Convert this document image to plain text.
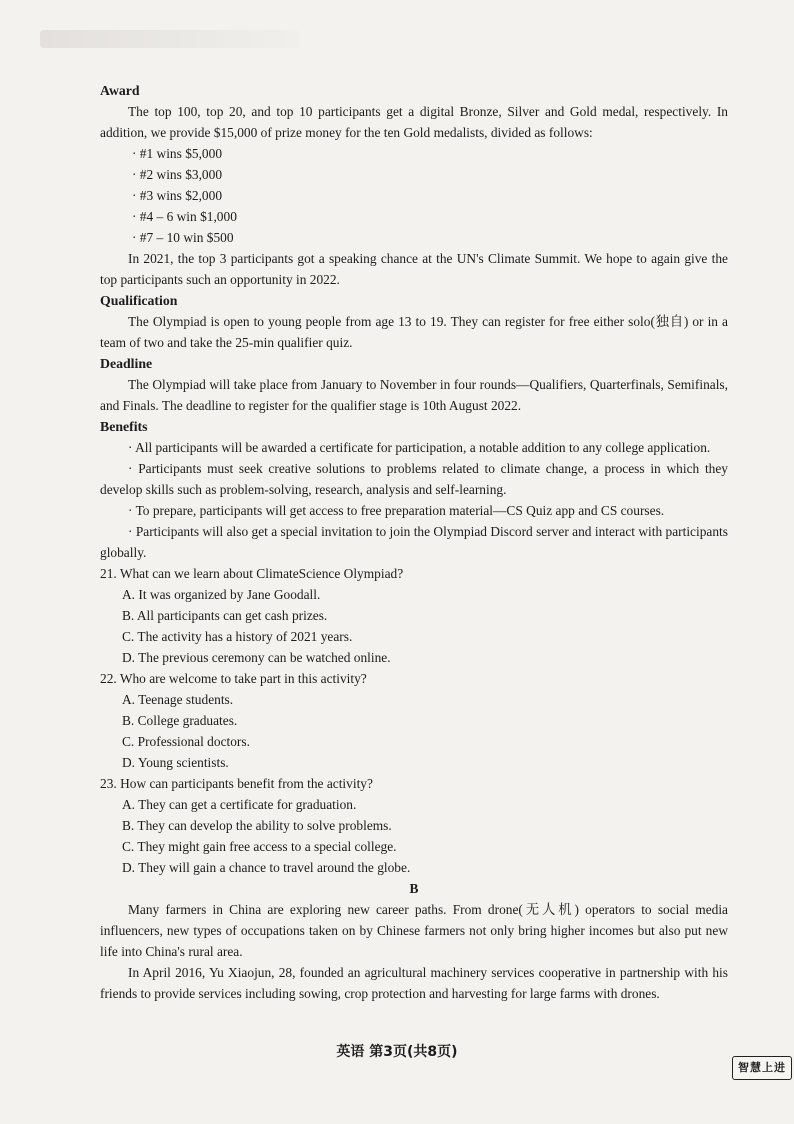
Award

The top 100, top 20, and top 10 participants get a digital Bronze, Silver and Gold medal, respectively. In addition, we provide $15,000 of prize money for the ten Gold medalists, divided as follows:

· #1 wins $5,000
· #2 wins $3,000
· #3 wins $2,000
· #4 – 6 win $1,000
· #7 – 10 win $500

In 2021, the top 3 participants got a speaking chance at the UN's Climate Summit. We hope to again give the top participants such an opportunity in 2022.

Qualification

The Olympiad is open to young people from age 13 to 19. They can register for free either solo(独自) or in a team of two and take the 25-min qualifier quiz.

Deadline

The Olympiad will take place from January to November in four rounds—Qualifiers, Quarterfinals, Semifinals, and Finals. The deadline to register for the qualifier stage is 10th August 2022.

Benefits

· All participants will be awarded a certificate for participation, a notable addition to any college application.

· Participants must seek creative solutions to problems related to climate change, a process in which they develop skills such as problem-solving, research, analysis and self-learning.

· To prepare, participants will get access to free preparation material—CS Quiz app and CS courses.

· Participants will also get a special invitation to join the Olympiad Discord server and interact with participants globally.

21. What can we learn about ClimateScience Olympiad?

A. It was organized by Jane Goodall.
B. All participants can get cash prizes.
C. The activity has a history of 2021 years.
D. The previous ceremony can be watched online.

22. Who are welcome to take part in this activity?

A. Teenage students.
B. College graduates.
C. Professional doctors.
D. Young scientists.

23. How can participants benefit from the activity?

A. They can get a certificate for graduation.
B. They can develop the ability to solve problems.
C. They might gain free access to a special college.
D. They will gain a chance to travel around the globe.

B

Many farmers in China are exploring new career paths. From drone(无人机) operators to social media influencers, new types of occupations taken on by Chinese farmers not only bring higher incomes but also put new life into China's rural area.

In April 2016, Yu Xiaojun, 28, founded an agricultural machinery services cooperative in partnership with his friends to provide services including sowing, crop protection and harvesting for large farms with drones.

英语 第3页(共8页)
智慧上进
